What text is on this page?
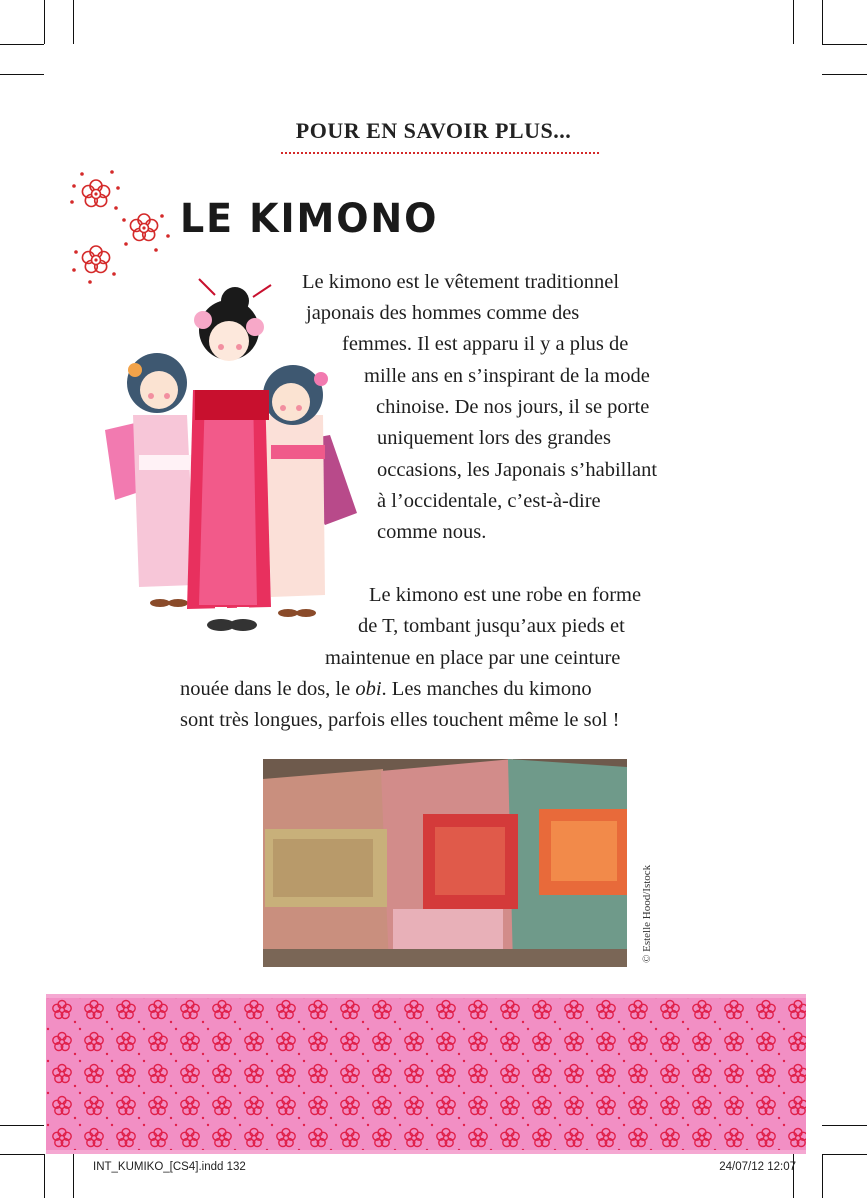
POUR EN SAVOIR PLUS...
LE KIMONO
Le kimono est le vêtement traditionnel
japonais des hommes comme des
femmes. Il est apparu il y a plus de
mille ans en s’inspirant de la mode
chinoise. De nos jours, il se porte
uniquement lors des grandes
occasions, les Japonais s’habillant
à l’occidentale, c’est-à-dire
comme nous.
Le kimono est une robe en forme
de T, tombant jusqu’aux pieds et
maintenue en place par une ceinture
nouée dans le dos, le obi. Les manches du kimono
sont très longues, parfois elles touchent même le sol !
© Estelle Hood/Istock
INT_KUMIKO_[CS4].indd 132	24/07/12 12:07
